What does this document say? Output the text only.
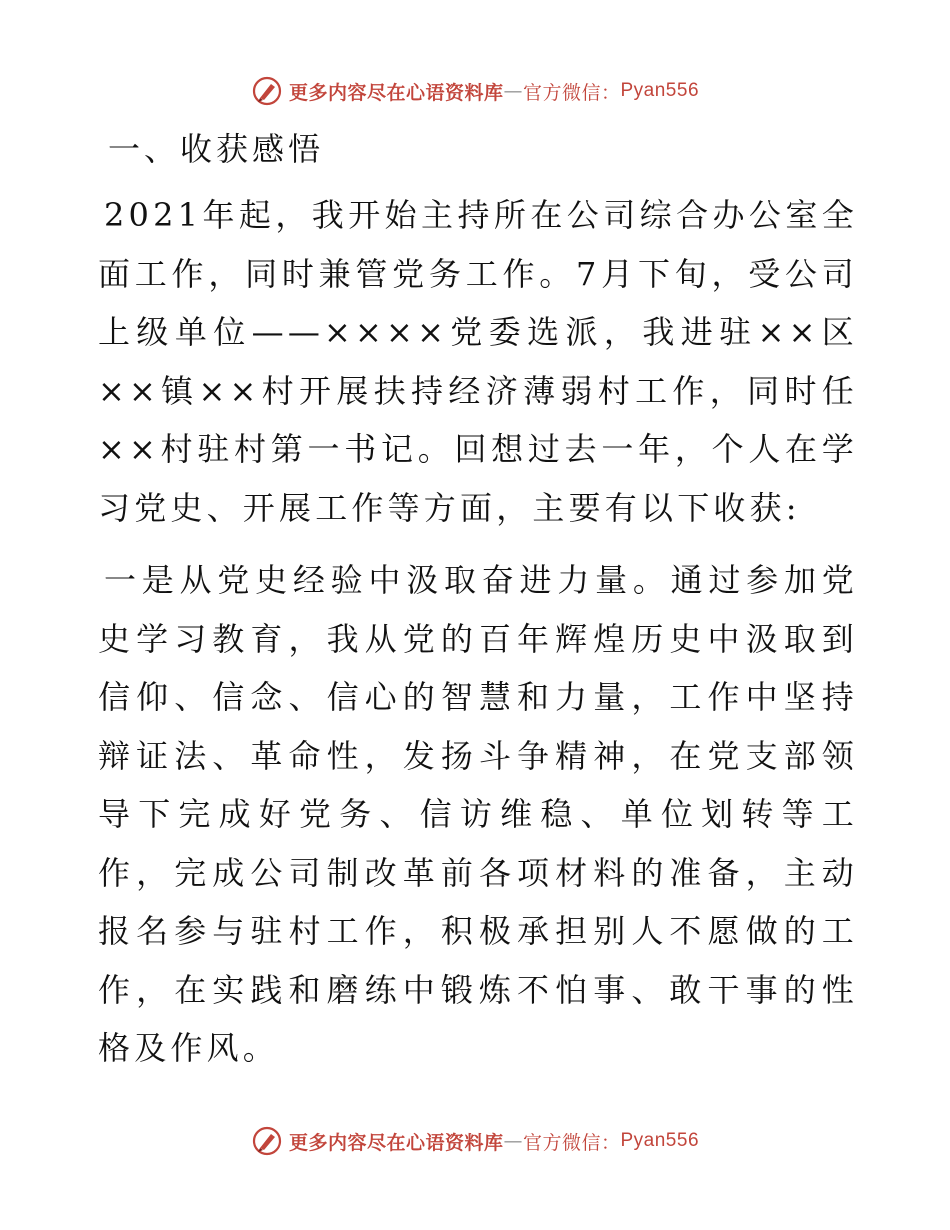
更多内容尽在心语资料库 — 官方微信： Pyan556
一、收获感悟

2021年起，我开始主持所在公司综合办公室全面工作，同时兼管党务工作。7月下旬，受公司上级单位——××××党委选派，我进驻××区××镇××村开展扶持经济薄弱村工作，同时任××村驻村第一书记。回想过去一年，个人在学习党史、开展工作等方面，主要有以下收获:

一是从党史经验中汲取奋进力量。通过参加党史学习教育，我从党的百年辉煌历史中汲取到信仰、信念、信心的智慧和力量，工作中坚持辩证法、革命性，发扬斗争精神，在党支部领导下完成好党务、信访维稳、单位划转等工作，完成公司制改革前各项材料的准备，主动报名参与驻村工作，积极承担别人不愿做的工作，在实践和磨练中锻炼不怕事、敢干事的性格及作风。

更多内容尽在心语资料库 — 官方微信： Pyan556
